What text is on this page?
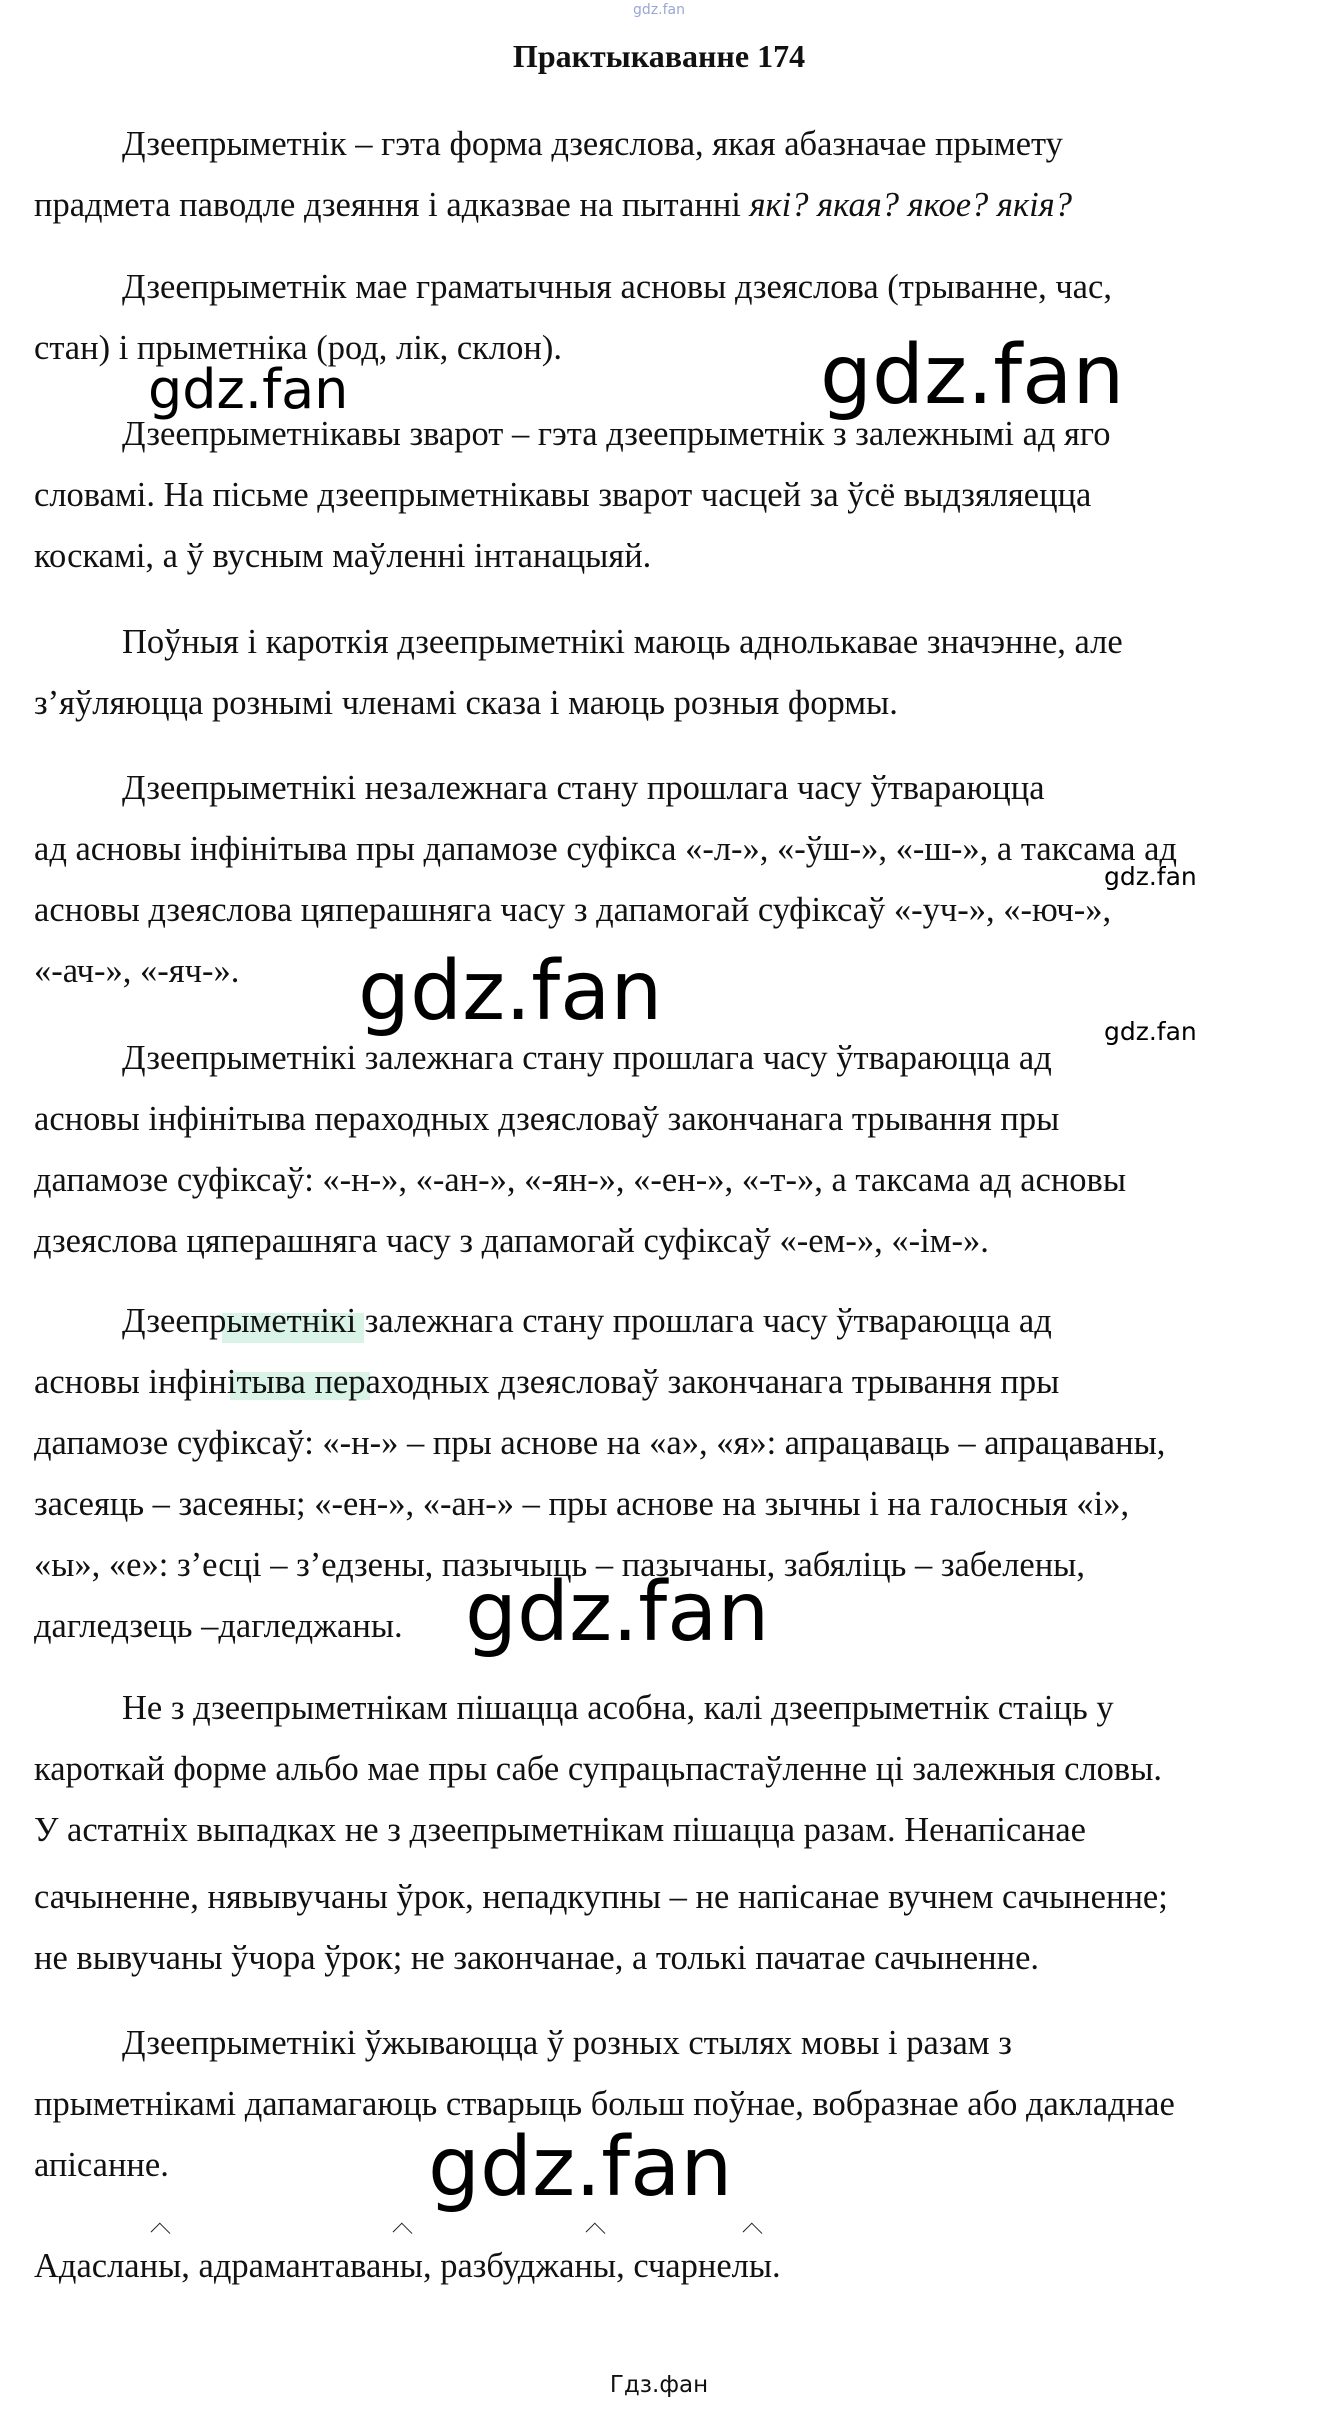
gdz.fan
Практыкаванне 174
Дзеепрыметнік – гэта форма дзеяслова, якая абазначае прымету
прадмета паводле дзеяння і адказвае на пытанні які? якая? якое? якія?
Дзеепрыметнік мае граматычныя асновы дзеяслова (трыванне, час,
стан) і прыметніка (род, лік, склон).
Дзеепрыметнікавы зварот – гэта дзеепрыметнік з залежнымі ад яго
словамі. На пісьме дзеепрыметнікавы зварот часцей за ўсё выдзяляецца
коскамі, а ў вусным маўленні інтанацыяй.
Поўныя і кароткія дзеепрыметнікі маюць аднолькавае значэнне, але
з’яўляюцца рознымі членамі сказа і маюць розныя формы.
Дзеепрыметнікі незалежнага стану прошлага часу ўтвараюцца
ад асновы інфінітыва пры дапамозе суфікса «-л-», «-ўш-», «-ш-», а таксама ад
асновы дзеяслова цяперашняга часу з дапамогай суфіксаў «-уч-», «-юч-»,
«-ач-», «-яч-».
Дзеепрыметнікі залежнага стану прошлага часу ўтвараюцца ад
асновы інфінітыва пераходных дзеясловаў закончанага трывання пры
дапамозе суфіксаў: «-н-», «-ан-», «-ян-», «-ен-», «-т-», а таксама ад асновы
дзеяслова цяперашняга часу з дапамогай суфіксаў «-ем-», «-ім-».
Дзеепрыметнікі залежнага стану прошлага часу ўтвараюцца ад
асновы інфінітыва пераходных дзеясловаў закончанага трывання пры
дапамозе суфіксаў: «-н-» – пры аснове на «а», «я»: апрацаваць – апрацаваны,
засеяць – засеяны; «-ен-», «-ан-» – пры аснове на зычны і на галосныя «і»,
«ы», «е»: з’есці – з’едзены, пазычыць – пазычаны, забяліць – забелены,
дагледзець –дагледжаны.
Не з дзеепрыметнікам пішацца асобна, калі дзеепрыметнік стаіць у
кароткай форме альбо мае пры сабе супрацьпастаўленне ці залежныя словы.
У астатніх выпадках не з дзеепрыметнікам пішацца разам. Ненапісанае
сачыненне, нявывучаны ўрок, непадкупны – не напісанае вучнем сачыненне;
не вывучаны ўчора ўрок; не закончанае, а толькі пачатае сачыненне.
Дзеепрыметнікі ўжываюцца ў розных стылях мовы і разам з
прыметнікамі дапамагаюць стварыць больш поўнае, вобразнае або дакладнае
апісанне.
Адасланы, адрамантаваны, разбуджаны, счарнелы.
gdz.fan	gdz.fan
gdz.fan
gdz.fan	gdz.fan
gdz.fan
gdz.fan
Гдз.фан
